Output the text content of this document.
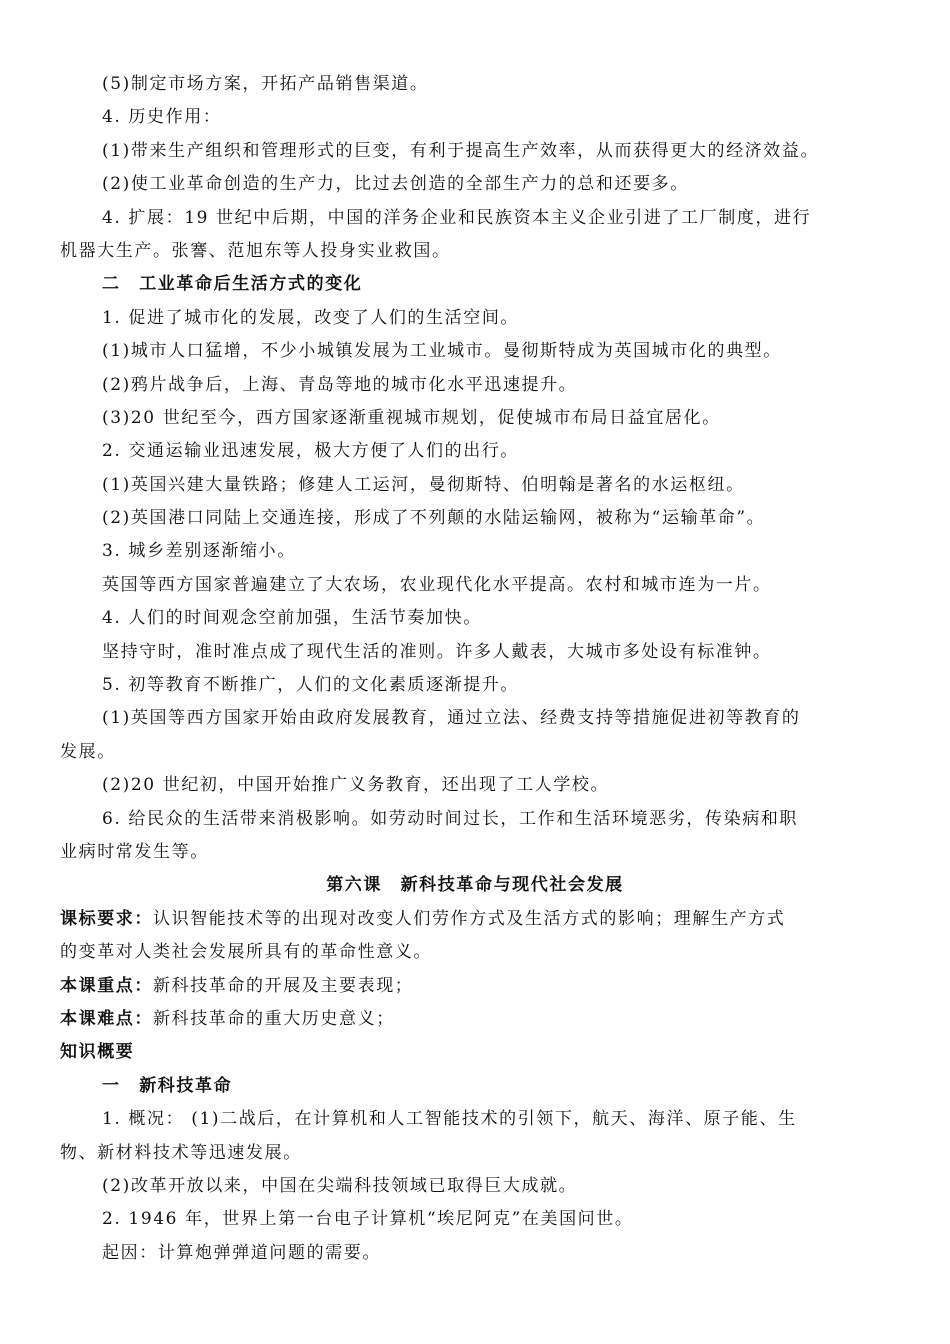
(5)制定市场方案，开拓产品销售渠道。

4. 历史作用：

(1)带来生产组织和管理形式的巨变，有利于提高生产效率，从而获得更大的经济效益。

(2)使工业革命创造的生产力，比过去创造的全部生产力的总和还要多。

4. 扩展：19 世纪中后期，中国的洋务企业和民族资本主义企业引进了工厂制度，进行

机器大生产。张謇、范旭东等人投身实业救国。

二　工业革命后生活方式的变化

1. 促进了城市化的发展，改变了人们的生活空间。

(1)城市人口猛增，不少小城镇发展为工业城市。曼彻斯特成为英国城市化的典型。

(2)鸦片战争后，上海、青岛等地的城市化水平迅速提升。

(3)20 世纪至今，西方国家逐渐重视城市规划，促使城市布局日益宜居化。

2. 交通运输业迅速发展，极大方便了人们的出行。

(1)英国兴建大量铁路；修建人工运河，曼彻斯特、伯明翰是著名的水运枢纽。

(2)英国港口同陆上交通连接，形成了不列颠的水陆运输网，被称为“运输革命”。

3. 城乡差别逐渐缩小。

英国等西方国家普遍建立了大农场，农业现代化水平提高。农村和城市连为一片。

4. 人们的时间观念空前加强，生活节奏加快。

坚持守时，准时准点成了现代生活的准则。许多人戴表，大城市多处设有标准钟。

5. 初等教育不断推广，人们的文化素质逐渐提升。

(1)英国等西方国家开始由政府发展教育，通过立法、经费支持等措施促进初等教育的

发展。

(2)20 世纪初，中国开始推广义务教育，还出现了工人学校。

6. 给民众的生活带来消极影响。如劳动时间过长，工作和生活环境恶劣，传染病和职

业病时常发生等。

第六课　新科技革命与现代社会发展

课标要求：认识智能技术等的出现对改变人们劳作方式及生活方式的影响；理解生产方式

的变革对人类社会发展所具有的革命性意义。

本课重点：新科技革命的开展及主要表现；

本课难点：新科技革命的重大历史意义；

知识概要

一　新科技革命

1. 概况： (1)二战后，在计算机和人工智能技术的引领下，航天、海洋、原子能、生

物、新材料技术等迅速发展。

(2)改革开放以来，中国在尖端科技领域已取得巨大成就。

2. 1946 年，世界上第一台电子计算机“埃尼阿克”在美国问世。

起因：计算炮弹弹道问题的需要。
